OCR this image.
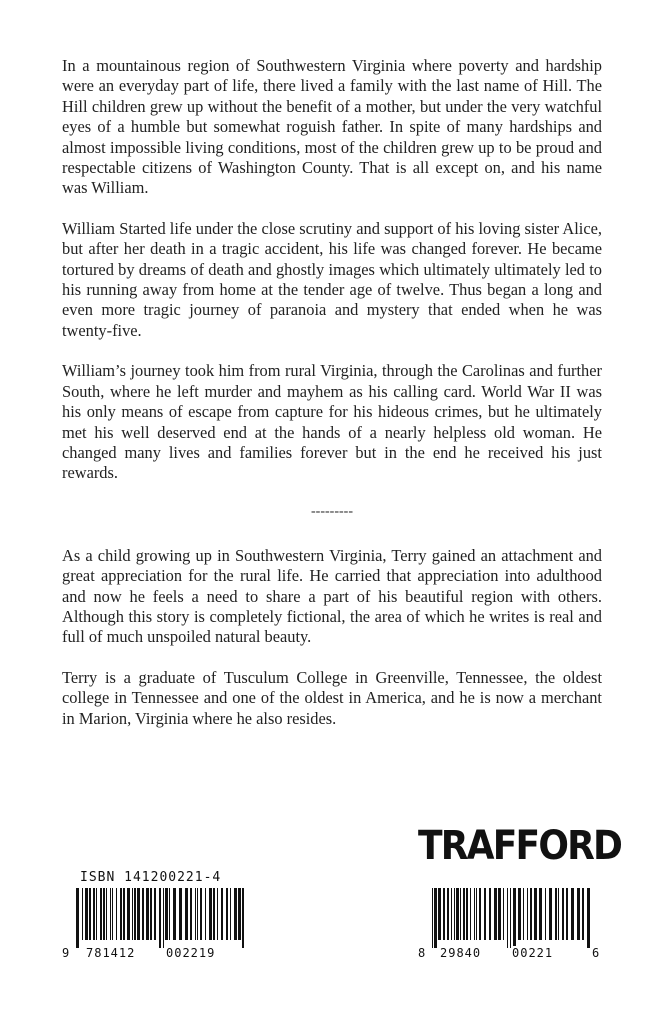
In a mountainous region of Southwestern Virginia where poverty and hardship were an everyday part of life, there lived a family with the last name of Hill. The Hill children grew up without the benefit of a mother, but under the very watchful eyes of a humble but somewhat roguish father. In spite of many hardships and almost impossible living conditions, most of the children grew up to be proud and respectable citizens of Washington County. That is all except on, and his name was William.

William Started life under the close scrutiny and support of his loving sister Alice, but after her death in a tragic accident, his life was changed forever. He became tortured by dreams of death and ghostly images which ultimately ultimately led to his running away from home at the tender age of twelve. Thus began a long and even more tragic journey of paranoia and mystery that ended when he was twenty-five.

William’s journey took him from rural Virginia, through the Carolinas and further South, where he left murder and mayhem as his calling card. World War II was his only means of escape from capture for his hideous crimes, but he ultimately met his well deserved end at the hands of a nearly helpless old woman. He changed many lives and families forever but in the end he received his just rewards.

---------

As a child growing up in Southwestern Virginia, Terry gained an attachment and great appreciation for the rural life. He carried that appreciation into adulthood and now he feels a need to share a part of his beautiful region with others. Although this story is completely fictional, the area of which he writes is real and full of much unspoiled natural beauty.

Terry is a graduate of Tusculum College in Greenville, Tennessee, the oldest college in Tennessee and one of the oldest in America, and he is now a merchant in Marion, Virginia where he also resides.

ISBN 141200221-4
TRAFFORD
9 781412	002219	8 29840	00221	6
